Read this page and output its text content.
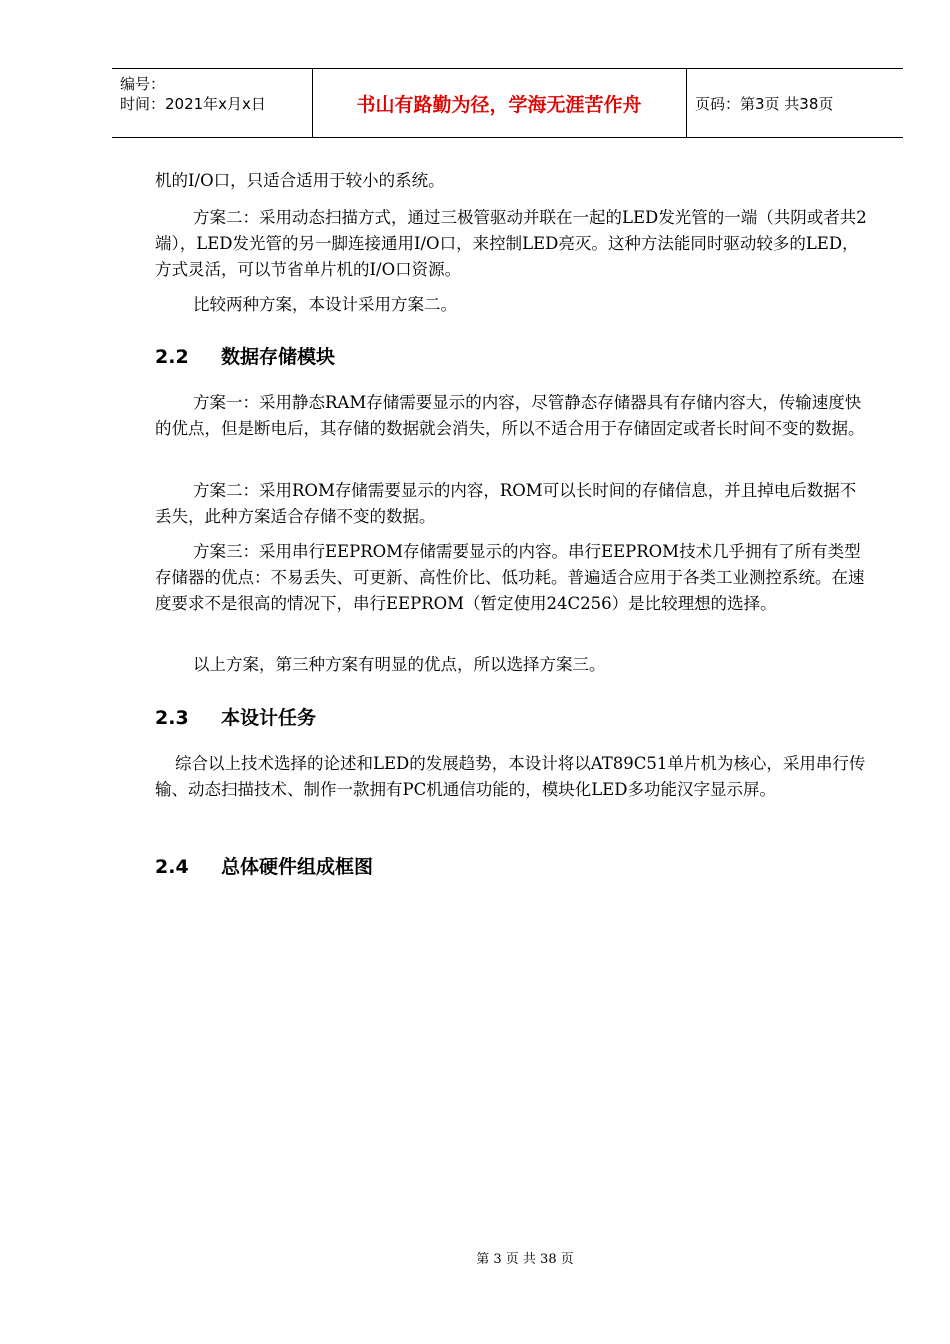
编号：
时间：2021年x月x日	书山有路勤为径，学海无涯苦作舟	页码：第3页 共38页
机的I/O口，只适合适用于较小的系统。
方案二：采用动态扫描方式，通过三极管驱动并联在一起的LED发光管的一端（共阴或者共2端），LED发光管的另一脚连接通用I/O口，来控制LED亮灭。这种方法能同时驱动较多的LED，方式灵活，可以节省单片机的I/O口资源。
比较两种方案，本设计采用方案二。
2.2 数据存储模块
方案一：采用静态RAM存储需要显示的内容，尽管静态存储器具有存储内容大，传输速度快的优点，但是断电后，其存储的数据就会消失，所以不适合用于存储固定或者长时间不变的数据。
方案二：采用ROM存储需要显示的内容，ROM可以长时间的存储信息，并且掉电后数据不丢失，此种方案适合存储不变的数据。
方案三：采用串行EEPROM存储需要显示的内容。串行EEPROM技术几乎拥有了所有类型存储器的优点：不易丢失、可更新、高性价比、低功耗。普遍适合应用于各类工业测控系统。在速度要求不是很高的情况下，串行EEPROM（暂定使用24C256）是比较理想的选择。
以上方案，第三种方案有明显的优点，所以选择方案三。
2.3 本设计任务
综合以上技术选择的论述和LED的发展趋势，本设计将以AT89C51单片机为核心，采用串行传输、动态扫描技术、制作一款拥有PC机通信功能的，模块化LED多功能汉字显示屏。
2.4 总体硬件组成框图
第 3 页 共 38 页
